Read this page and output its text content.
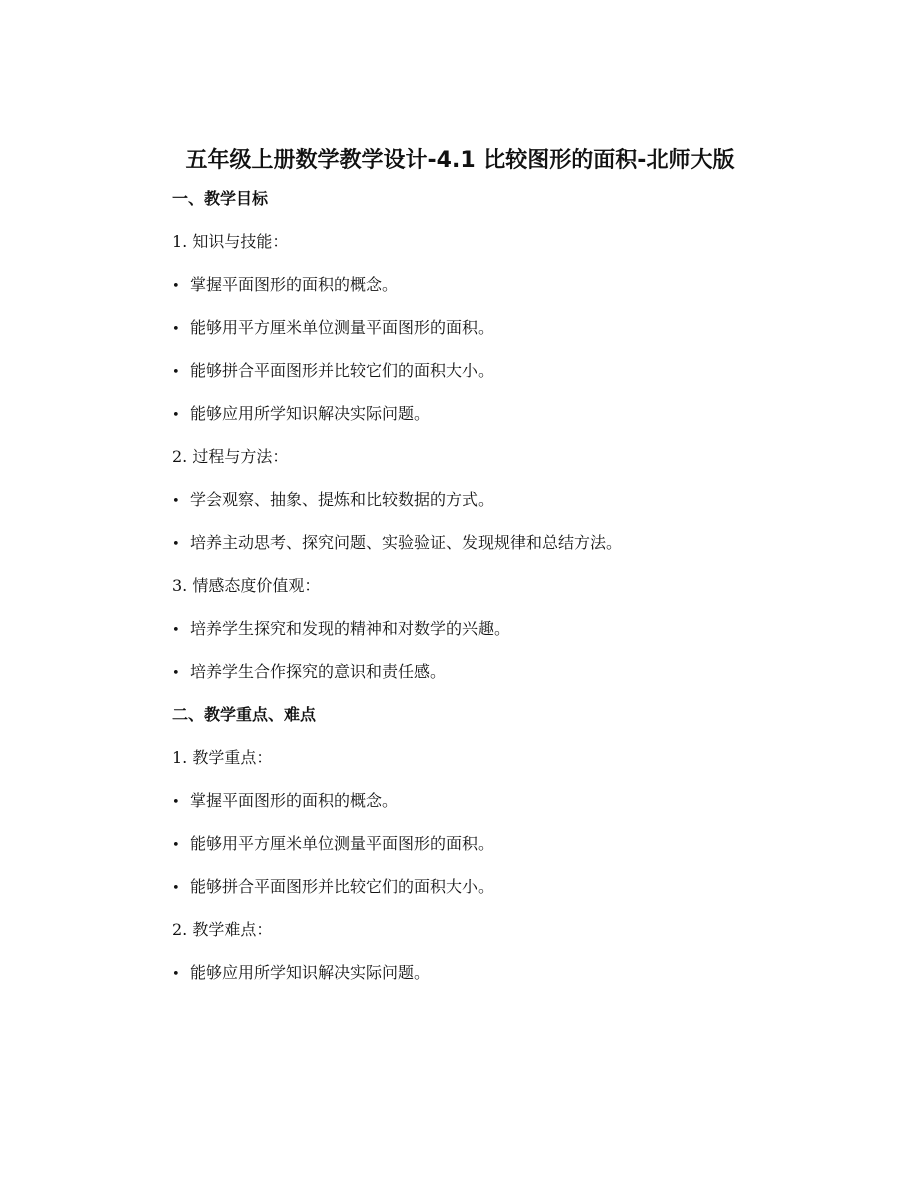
五年级上册数学教学设计-4.1 比较图形的面积-北师大版
一、教学目标
1. 知识与技能：
• 掌握平面图形的面积的概念。
• 能够用平方厘米单位测量平面图形的面积。
• 能够拼合平面图形并比较它们的面积大小。
• 能够应用所学知识解决实际问题。
2. 过程与方法：
• 学会观察、抽象、提炼和比较数据的方式。
• 培养主动思考、探究问题、实验验证、发现规律和总结方法。
3. 情感态度价值观：
• 培养学生探究和发现的精神和对数学的兴趣。
• 培养学生合作探究的意识和责任感。
二、教学重点、难点
1. 教学重点：
• 掌握平面图形的面积的概念。
• 能够用平方厘米单位测量平面图形的面积。
• 能够拼合平面图形并比较它们的面积大小。
2. 教学难点：
• 能够应用所学知识解决实际问题。
